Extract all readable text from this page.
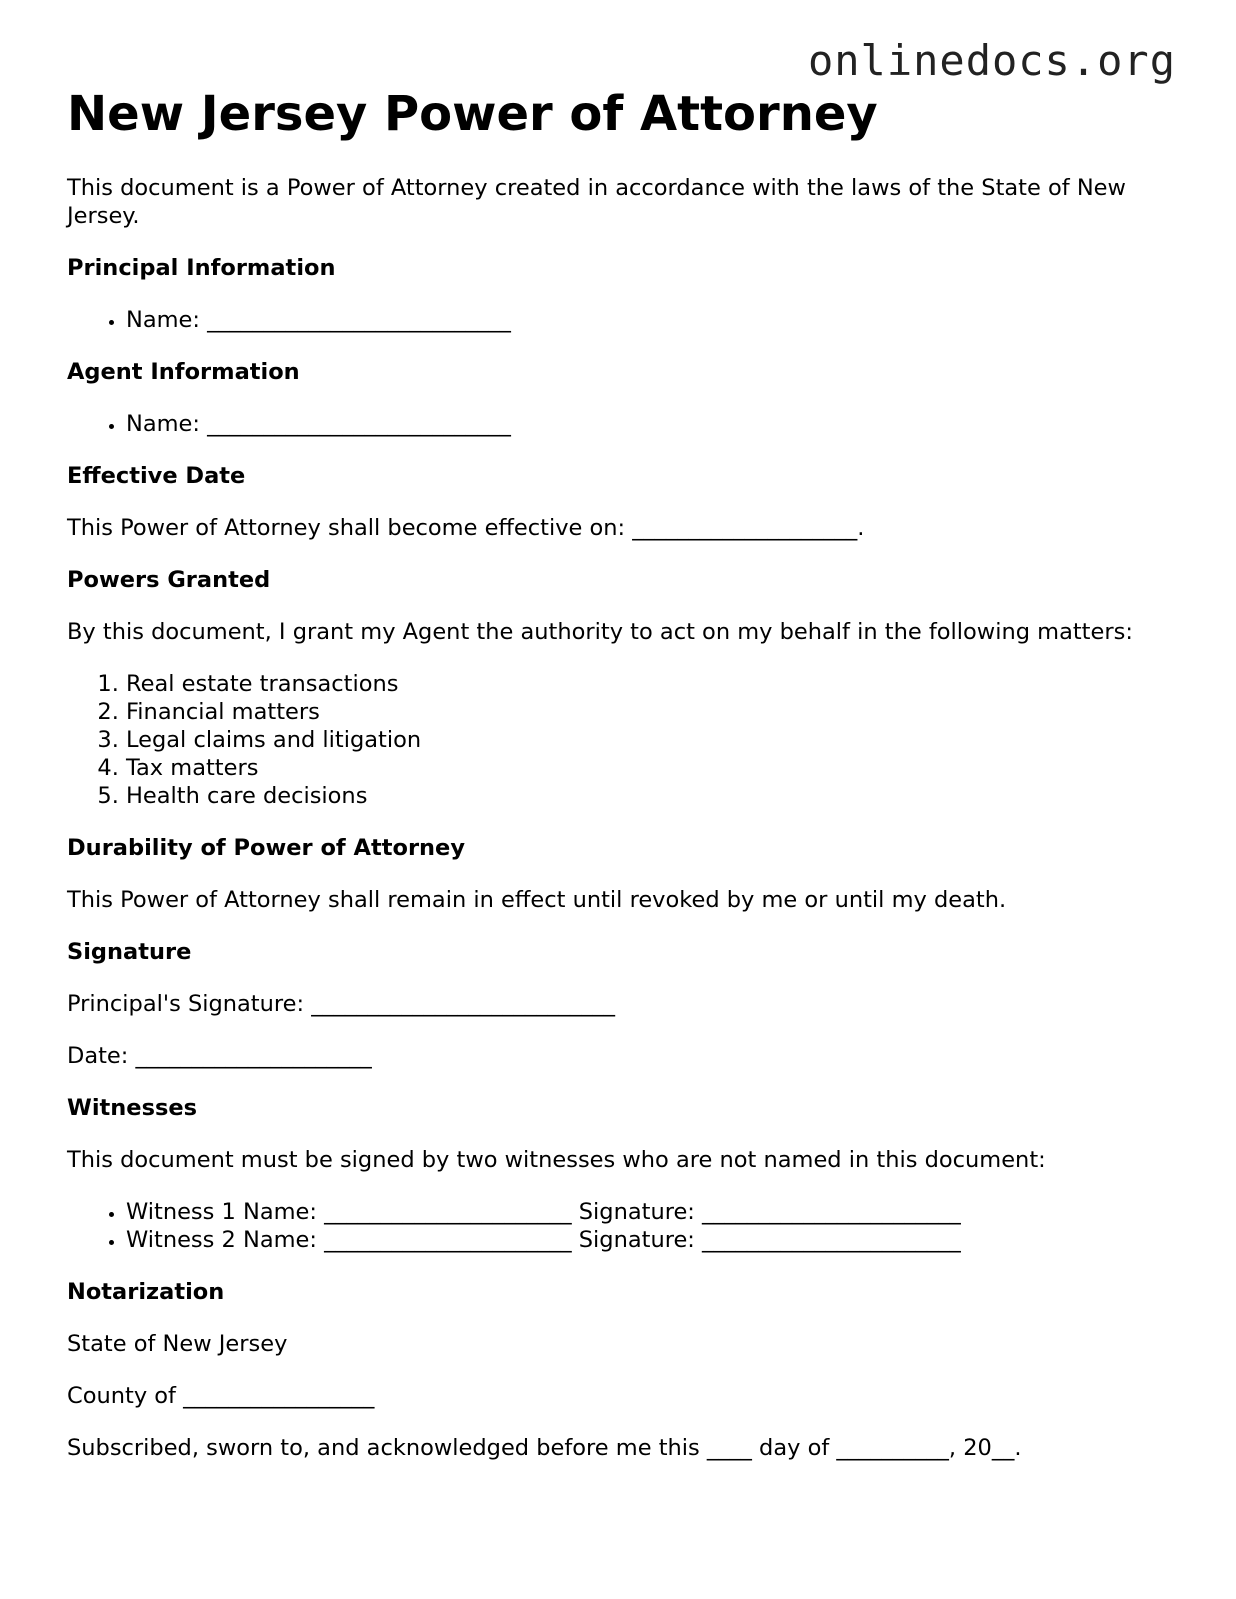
onlinedocs.org
New Jersey Power of Attorney

This document is a Power of Attorney created in accordance with the laws of the State of New Jersey.

Principal Information
• Name: ___________________________
Agent Information
• Name: ___________________________
Effective Date

This Power of Attorney shall become effective on: ____________________.

Powers Granted

By this document, I grant my Agent the authority to act on my behalf in the following matters:

1. Real estate transactions
2. Financial matters
3. Legal claims and litigation
4. Tax matters
5. Health care decisions
Durability of Power of Attorney

This Power of Attorney shall remain in effect until revoked by me or until my death.

Signature

Principal's Signature: ___________________________

Date: _____________________

Witnesses

This document must be signed by two witnesses who are not named in this document:

• Witness 1 Name: ______________________ Signature: _______________________
• Witness 2 Name: ______________________ Signature: _______________________
Notarization

State of New Jersey

County of _________________

Subscribed, sworn to, and acknowledged before me this ____ day of __________, 20__.
